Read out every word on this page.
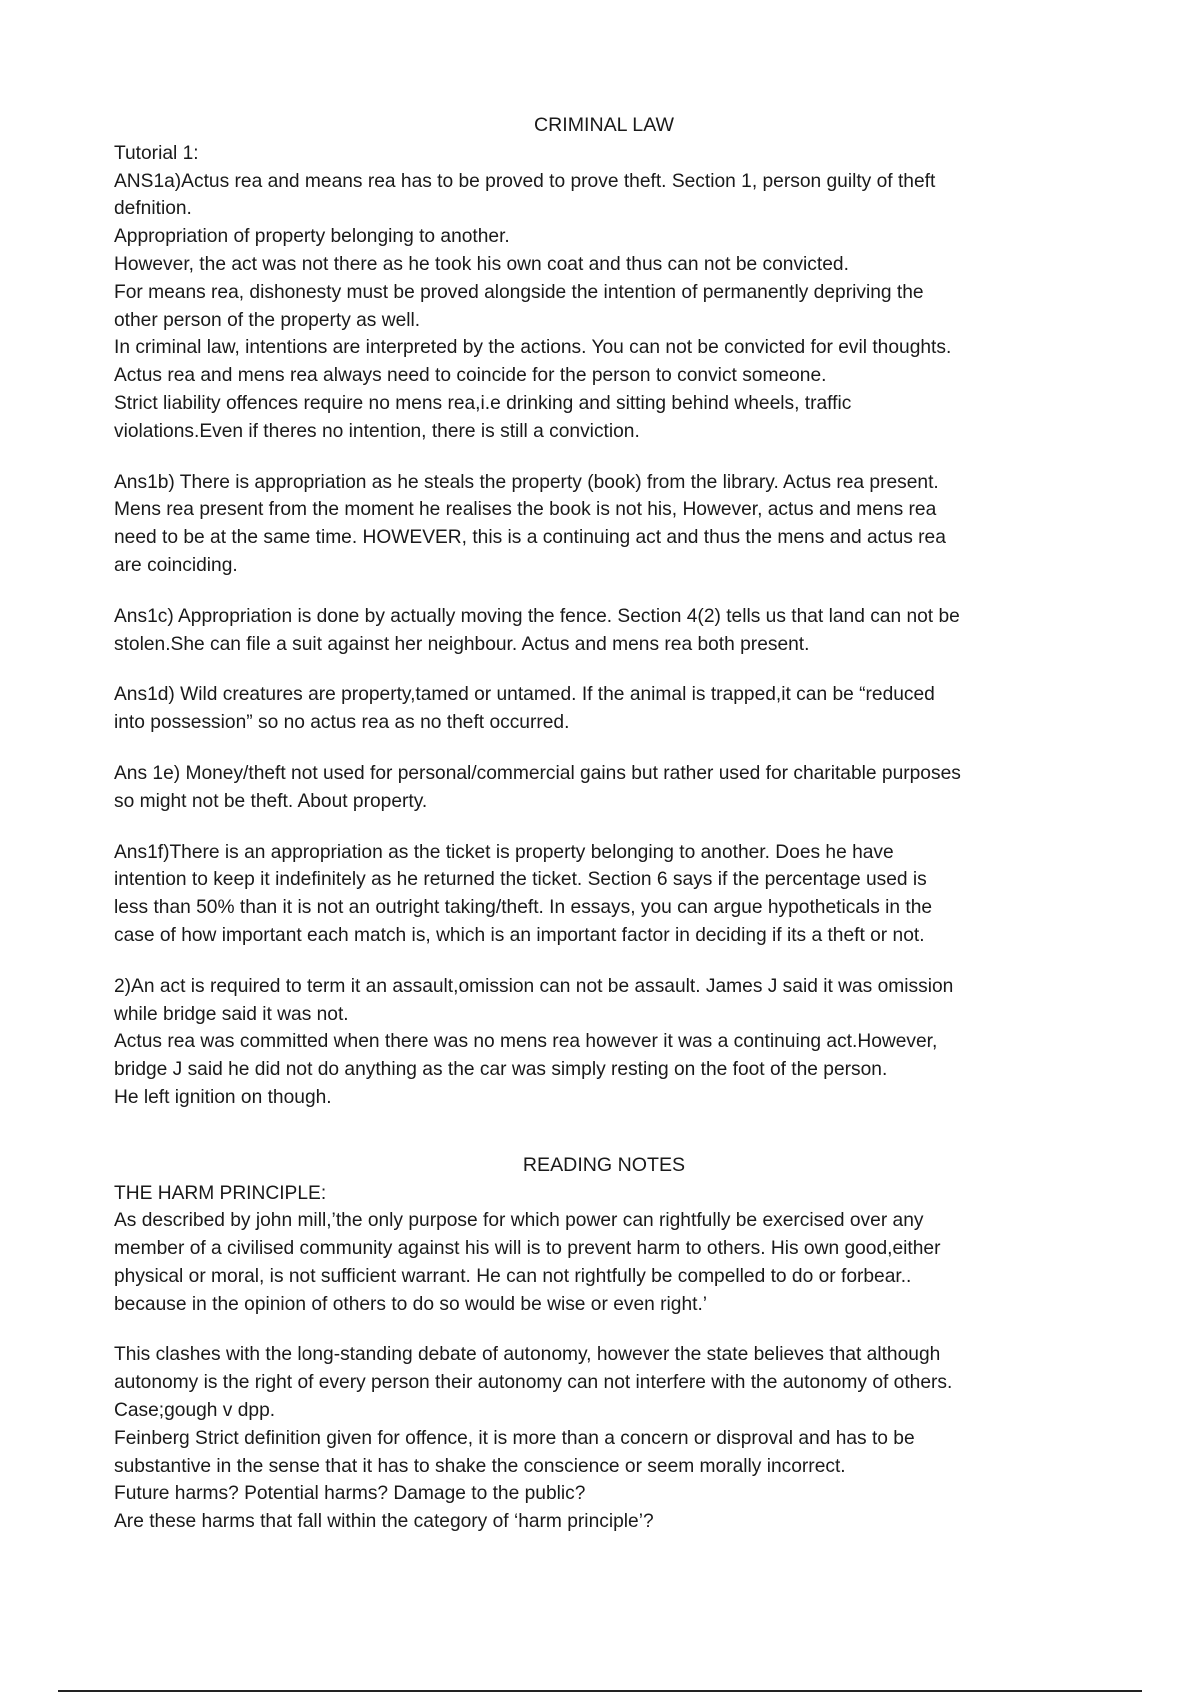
CRIMINAL LAW

Tutorial 1:

ANS1a)Actus rea and means rea has to be proved to prove theft. Section 1, person guilty of theft

defnition.

Appropriation of property belonging to another.

However, the act was not there as he took his own coat and thus can not be convicted.

For means rea, dishonesty must be proved alongside the intention of permanently depriving the

other person of the property as well.

In criminal law, intentions are interpreted by the actions. You can not be convicted for evil thoughts.

Actus rea and mens rea always need to coincide for the person to convict someone.

Strict liability offences require no mens rea,i.e drinking and sitting behind wheels, traffic

violations.Even if theres no intention, there is still a conviction.

Ans1b) There is appropriation as he steals the property (book) from the library. Actus rea present.

Mens rea present from the moment he realises the book is not his, However, actus and mens rea

need to be at the same time. HOWEVER, this is a continuing act and thus the mens and actus rea

are coinciding.

Ans1c) Appropriation is done by actually moving the fence. Section 4(2) tells us that land can not be

stolen.She can file a suit against her neighbour. Actus and mens rea both present.

Ans1d) Wild creatures are property,tamed or untamed. If the animal is trapped,it can be “reduced

into possession” so no actus rea as no theft occurred.

Ans 1e) Money/theft not used for personal/commercial gains but rather used for charitable purposes

so might not be theft. About property.

Ans1f)There is an appropriation as the ticket is property belonging to another. Does he have

intention to keep it indefinitely as he returned the ticket. Section 6 says if the percentage used is

less than 50% than it is not an outright taking/theft. In essays, you can argue hypotheticals in the

case of how important each match is, which is an important factor in deciding if its a theft or not.

2)An act is required to term it an assault,omission can not be assault. James J said it was omission

while bridge said it was not.

Actus rea was committed when there was no mens rea however it was a continuing act.However,

bridge J said he did not do anything as the car was simply resting on the foot of the person.

He left ignition on though.

READING NOTES

THE HARM PRINCIPLE:

As described by john mill,’the only purpose for which power can rightfully be exercised over any

member of a civilised community against his will is to prevent harm to others. His own good,either

physical or moral, is not sufficient warrant. He can not rightfully be compelled to do or forbear..

because in the opinion of others to do so would be wise or even right.’

This clashes with the long-standing debate of autonomy, however the state believes that although

autonomy is the right of every person their autonomy can not interfere with the autonomy of others.

Case;gough v dpp.

Feinberg Strict definition given for offence, it is more than a concern or disproval and has to be

substantive in the sense that it has to shake the conscience or seem morally incorrect.

Future harms? Potential harms? Damage to the public?

Are these harms that fall within the category of ‘harm principle’?
